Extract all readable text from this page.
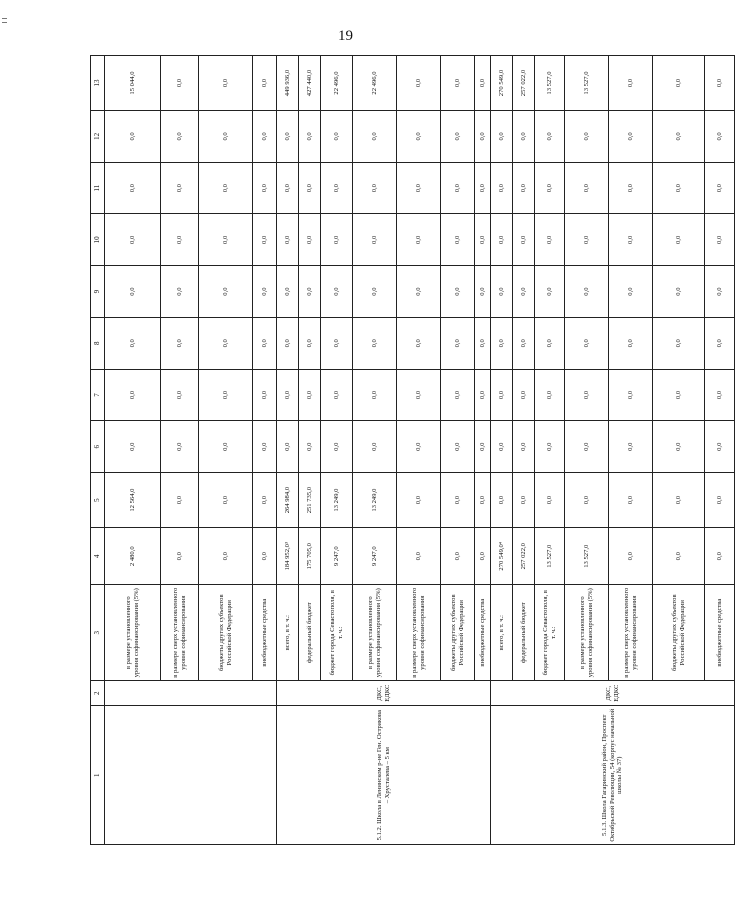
19
1	2	3	4	5	6	7	8	9	10	11	12	13
		в размере установленного уровня софинансирования (5%)	2 480,0	12 564,0	0,0	0,0	0,0	0,0	0,0	0,0	0,0	15 044,0
		в размере сверх установленного уровня софинансирования	0,0	0,0	0,0	0,0	0,0	0,0	0,0	0,0	0,0	0,0
		бюджеты других субъектов Российской Федерации	0,0	0,0	0,0	0,0	0,0	0,0	0,0	0,0	0,0	0,0
		внебюджетные средства	0,0	0,0	0,0	0,0	0,0	0,0	0,0	0,0	0,0	0,0
5.1.2. Школа в Ленинском р-не Ген. Острякова – Хрусталева – 5 км	ДКС, ЕДКС	всего, в т. ч.:	184 952,0³	264 984,0	0,0	0,0	0,0	0,0	0,0	0,0	0,0	449 936,0
		федеральный бюджет	175 705,0	251 735,0	0,0	0,0	0,0	0,0	0,0	0,0	0,0	427 440,0
		бюджет города Севастополя, в т. ч.:	9 247,0	13 249,0	0,0	0,0	0,0	0,0	0,0	0,0	0,0	22 496,0
		в размере установленного уровня софинансирования (5%)	9 247,0	13 249,0	0,0	0,0	0,0	0,0	0,0	0,0	0,0	22 496,0
		в размере сверх установленного уровня софинансирования	0,0	0,0	0,0	0,0	0,0	0,0	0,0	0,0	0,0	0,0
		бюджеты других субъектов Российской Федерации	0,0	0,0	0,0	0,0	0,0	0,0	0,0	0,0	0,0	0,0
		внебюджетные средства	0,0	0,0	0,0	0,0	0,0	0,0	0,0	0,0	0,0	0,0
5.1.3. Школа Гагаринский район, Проспект Октябрьской Революции, 54 (корпус начальной школы № 37)	ДКС, ЕДКС	всего, в т. ч.:	270 549,0⁴	0,0	0,0	0,0	0,0	0,0	0,0	0,0	0,0	270 549,0
		федеральный бюджет	257 022,0	0,0	0,0	0,0	0,0	0,0	0,0	0,0	0,0	257 022,0
		бюджет города Севастополя, в т. ч.:	13 527,0	0,0	0,0	0,0	0,0	0,0	0,0	0,0	0,0	13 527,0
		в размере установленного уровня софинансирования (5%)	13 527,0	0,0	0,0	0,0	0,0	0,0	0,0	0,0	0,0	13 527,0
		в размере сверх установленного уровня софинансирования	0,0	0,0	0,0	0,0	0,0	0,0	0,0	0,0	0,0	0,0
		бюджеты других субъектов Российской Федерации	0,0	0,0	0,0	0,0	0,0	0,0	0,0	0,0	0,0	0,0
		внебюджетные средства	0,0	0,0	0,0	0,0	0,0	0,0	0,0	0,0	0,0	0,0
